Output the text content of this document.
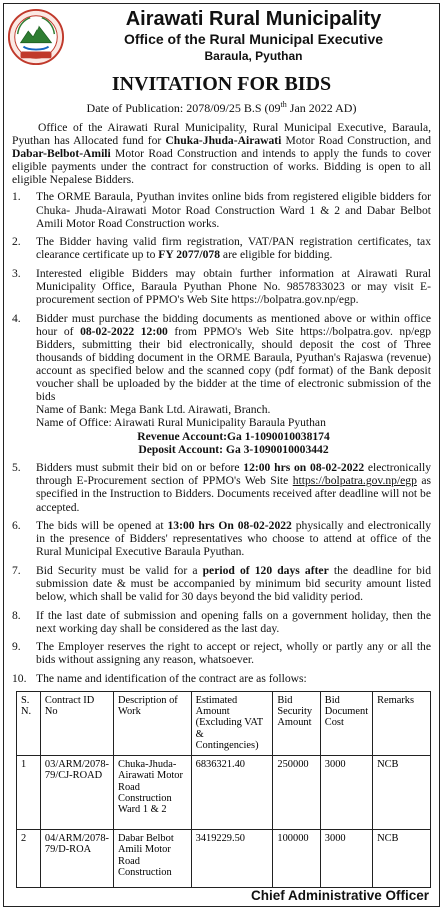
Airawati Rural Municipality
Office of the Rural Municipal Executive
Baraula, Pyuthan
INVITATION FOR BIDS
Date of Publication: 2078/09/25 B.S (09th Jan 2022 AD)

Office of the Airawati Rural Municipality, Rural Municipal Executive, Baraula, Pyuthan has Allocated fund for Chuka-Jhuda-Airawati Motor Road Construction, and Dabar-Belbot-Amili Motor Road Construction and intends to apply the funds to cover eligible payments under the contract for construction of works. Bidding is open to all eligible Nepalese Bidders.

1. The ORME Baraula, Pyuthan invites online bids from registered eligible bidders for Chuka- Jhuda-Airawati Motor Road Construction Ward 1 & 2 and Dabar Belbot Amili Motor Road Construction works.
2. The Bidder having valid firm registration, VAT/PAN registration certificates, tax clearance certificate up to FY 2077/078 are eligible for bidding.
3. Interested eligible Bidders may obtain further information at Airawati Rural Municipality Office, Baraula Pyuthan Phone No. 9857833023 or may visit E-procurement section of PPMO's Web Site https://bolpatra.gov.np/egp.
4. Bidder must purchase the bidding documents as mentioned above or within office hour of 08-02-2022 12:00 from PPMO's Web Site https://bolpatra.gov. np/egp Bidders, submitting their bid electronically, should deposit the cost of Three thousands of bidding document in the ORME Baraula, Pyuthan's Rajaswa (revenue) account as specified below and the scanned copy (pdf format) of the Bank deposit voucher shall be uploaded by the bidder at the time of electronic submission of the bids
Name of Bank: Mega Bank Ltd. Airawati, Branch.
Name of Office: Airawati Rural Municipality Baraula Pyuthan
Revenue Account:Ga 1-1090010038174
Deposit Account: Ga 3-1090010003442
5. Bidders must submit their bid on or before 12:00 hrs on 08-02-2022 electronically through E-Procurement section of PPMO's Web Site https://bolpatra.gov.np/egp as specified in the Instruction to Bidders. Documents received after deadline will not be accepted.
6. The bids will be opened at 13:00 hrs On 08-02-2022 physically and electronically in the presence of Bidders' representatives who choose to attend at office of the Rural Municipal Executive Baraula Pyuthan.
7. Bid Security must be valid for a period of 120 days after the deadline for bid submission date & must be accompanied by minimum bid security amount listed below, which shall be valid for 30 days beyond the bid validity period.
8. If the last date of submission and opening falls on a government holiday, then the next working day shall be considered as the last day.
9. The Employer reserves the right to accept or reject, wholly or partly any or all the bids without assigning any reason, whatsoever.
10. The name and identification of the contract are as follows:
S. N.	Contract ID No	Description of Work	Estimated Amount (Excluding VAT & Contingencies)	Bid Security Amount	Bid Document Cost	Remarks
1	03/ARM/2078-79/CJ-ROAD	Chuka-Jhuda-Airawati Motor Road Construction Ward 1 & 2	6836321.40	250000	3000	NCB
2	04/ARM/2078-79/D-ROA	Dabar Belbot Amili Motor Road Construction	3419229.50	100000	3000	NCB
Chief Administrative Officer
